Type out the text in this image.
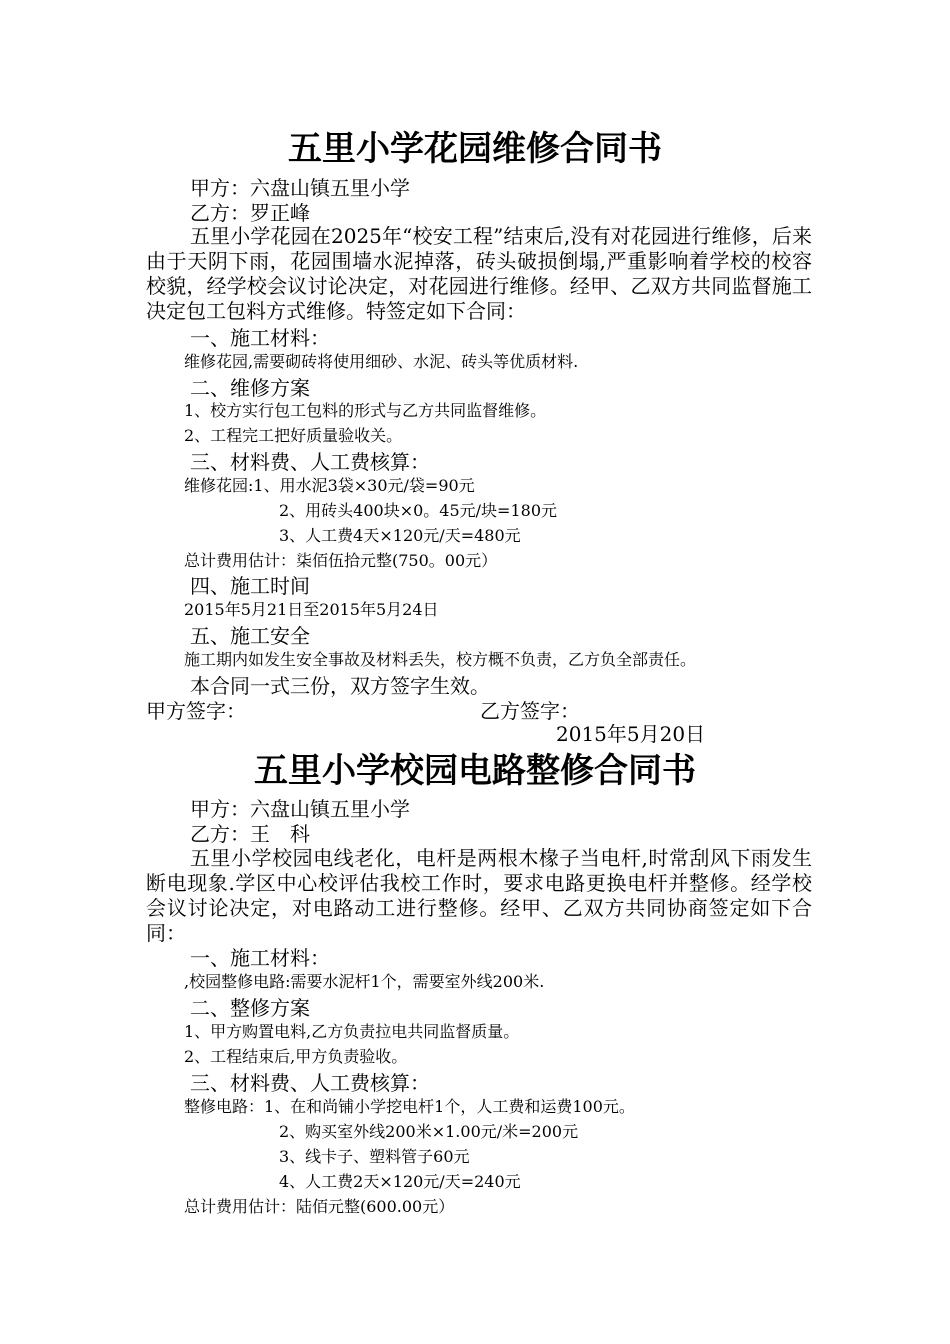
五里小学花园维修合同书
甲方：六盘山镇五里小学
乙方：罗正峰
五里小学花园在2025年“校安工程”结束后,没有对花园进行维修，后来由于天阴下雨，花园围墙水泥掉落，砖头破损倒塌,严重影响着学校的校容校貌，经学校会议讨论决定，对花园进行维修。经甲、乙双方共同监督施工决定包工包料方式维修。特签定如下合同：
一、施工材料：
维修花园,需要砌砖将使用细砂、水泥、砖头等优质材料.
二、维修方案
1、校方实行包工包料的形式与乙方共同监督维修。
2、工程完工把好质量验收关。
三、材料费、人工费核算：
维修花园:1、用水泥3袋×30元/袋=90元
2、用砖头400块×0。45元/块=180元
3、人工费4天×120元/天=480元
总计费用估计：柒佰伍拾元整(750。00元）
四、施工时间
2015年5月21日至2015年5月24日
五、施工安全
施工期内如发生安全事故及材料丢失，校方概不负责，乙方负全部责任。
本合同一式三份，双方签字生效。
甲方签字：	乙方签字：
2015年5月20日
五里小学校园电路整修合同书
甲方：六盘山镇五里小学
乙方：王　科
五里小学校园电线老化，电杆是两根木椽子当电杆,时常刮风下雨发生断电现象.学区中心校评估我校工作时，要求电路更换电杆并整修。经学校会议讨论决定，对电路动工进行整修。经甲、乙双方共同协商签定如下合同：
一、施工材料：
,校园整修电路:需要水泥杆1个，需要室外线200米.
二、整修方案
1、甲方购置电料,乙方负责拉电共同监督质量。
2、工程结束后,甲方负责验收。
三、材料费、人工费核算：
整修电路：1、在和尚铺小学挖电杆1个，人工费和运费100元。
2、购买室外线200米×1.00元/米=200元
3、线卡子、塑料管子60元
4、人工费2天×120元/天=240元
总计费用估计：陆佰元整(600.00元）
